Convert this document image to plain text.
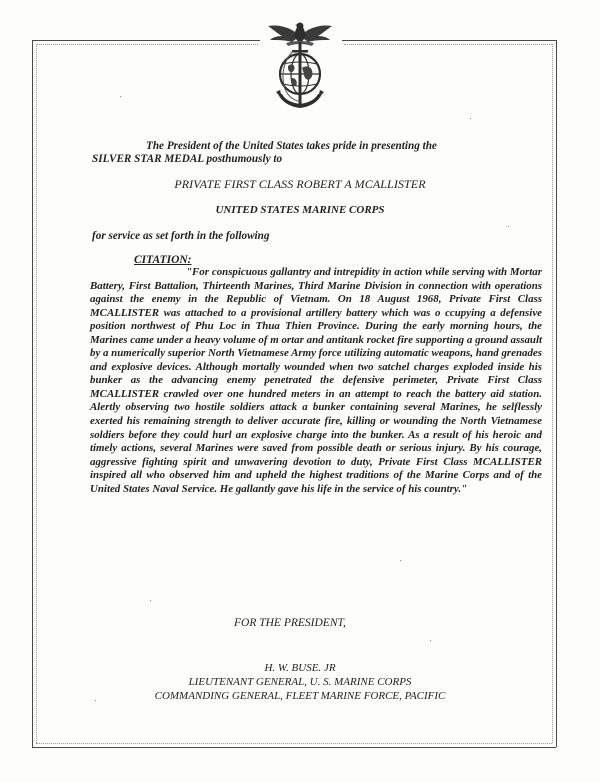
The President of the United States takes pride in presenting the
SILVER STAR MEDAL posthumously to
PRIVATE FIRST CLASS ROBERT A MCALLISTER
UNITED STATES MARINE CORPS
for service as set forth in the following
CITATION:
"For conspicuous gallantry and intrepidity in action while serving with Mortar Battery, First Battalion, Thirteenth Marines, Third Marine Division in connection with operations against the enemy in the Republic of Vietnam. On 18 August 1968, Private First Class MCALLISTER was attached to a provisional artillery battery which was o ccupying a defensive position northwest of Phu Loc in Thua Thien Province. During the early morning hours, the Marines came under a heavy volume of m ortar and antitank rocket fire supporting a ground assault by a numerically superior North Vietnamese Army force utilizing automatic weapons, hand grenades and explosive devices. Although mortally wounded when two satchel charges exploded inside his bunker as the advancing enemy penetrated the defensive perimeter, Private First Class MCALLISTER crawled over one hundred meters in an attempt to reach the battery aid station. Alertly observing two hostile soldiers attack a bunker containing several Marines, he selflessly exerted his remaining strength to deliver accurate fire, killing or wounding the North Vietnamese soldiers before they could hurl an explosive charge into the bunker. As a result of his heroic and timely actions, several Marines were saved from possible death or serious injury. By his courage, aggressive fighting spirit and unwavering devotion to duty, Private First Class MCALLISTER inspired all who observed him and upheld the highest traditions of the Marine Corps and of the United States Naval Service. He gallantly gave his life in the service of his country."
FOR THE PRESIDENT,
H. W. BUSE. JR
LIEUTENANT GENERAL, U. S. MARINE CORPS
COMMANDING GENERAL, FLEET MARINE FORCE, PACIFIC
